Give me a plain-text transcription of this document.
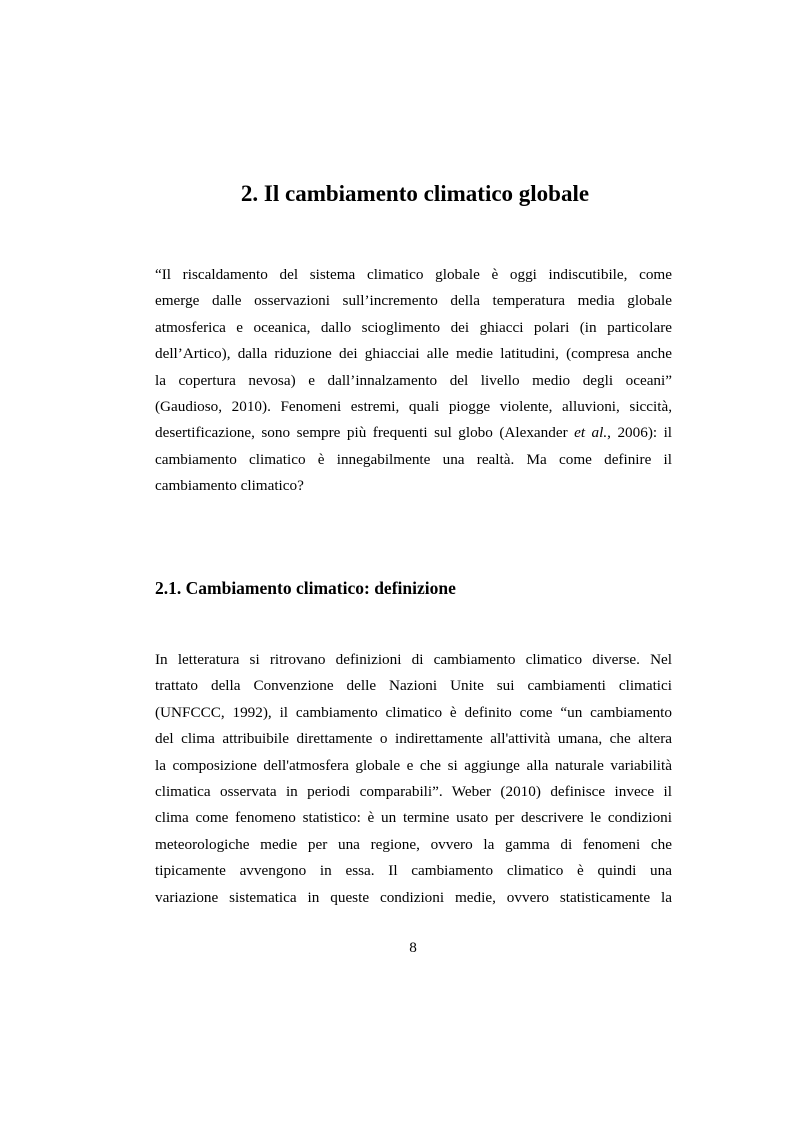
2. Il cambiamento climatico globale
“Il riscaldamento del sistema climatico globale è oggi indiscutibile, come
emerge dalle osservazioni sull’incremento della temperatura media globale
atmosferica e oceanica, dallo scioglimento dei ghiacci polari (in particolare
dell’Artico), dalla riduzione dei ghiacciai alle medie latitudini, (compresa anche
la copertura nevosa) e dall’innalzamento del livello medio degli oceani”
(Gaudioso, 2010). Fenomeni estremi, quali piogge violente, alluvioni, siccità,
desertificazione, sono sempre più frequenti sul globo (Alexander et al., 2006): il
cambiamento climatico è innegabilmente una realtà. Ma come definire il
cambiamento climatico?
2.1. Cambiamento climatico: definizione
In letteratura si ritrovano definizioni di cambiamento climatico diverse. Nel
trattato della Convenzione delle Nazioni Unite sui cambiamenti climatici
(UNFCCC, 1992), il cambiamento climatico è definito come “un cambiamento
del clima attribuibile direttamente o indirettamente all'attività umana, che altera
la composizione dell'atmosfera globale e che si aggiunge alla naturale variabilità
climatica osservata in periodi comparabili”. Weber (2010) definisce invece il
clima come fenomeno statistico: è un termine usato per descrivere le condizioni
meteorologiche medie per una regione, ovvero la gamma di fenomeni che
tipicamente avvengono in essa. Il cambiamento climatico è quindi una
variazione sistematica in queste condizioni medie, ovvero statisticamente la
8
